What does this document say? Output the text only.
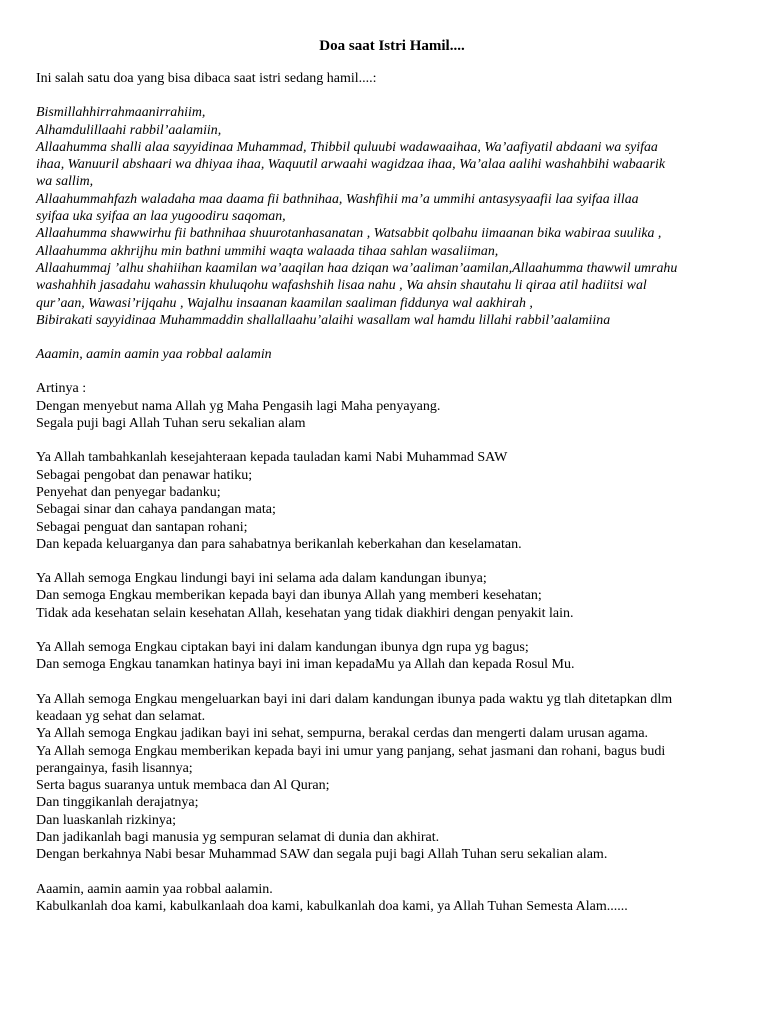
Doa saat Istri Hamil....
Ini salah satu doa yang bisa dibaca saat istri sedang hamil....:
Bismillahhirrahmaanirrahiim,
Alhamdulillaahi rabbil’aalamiin,
Allaahumma shalli alaa sayyidinaa Muhammad, Thibbil quluubi wadawaaihaa, Wa’aafiyatil abdaani wa syifaa
ihaa, Wanuuril abshaari wa dhiyaa ihaa, Waquutil arwaahi wagidzaa ihaa, Wa’alaa aalihi washahbihi wabaarik
wa sallim,
Allaahummahfazh waladaha maa daama fii bathnihaa, Washfihii ma’a ummihi antasysyaafii laa syifaa illaa
syifaa uka syifaa an laa yugoodiru saqoman,
Allaahumma shawwirhu fii bathnihaa shuurotanhasanatan , Watsabbit qolbahu iimaanan bika wabiraa suulika ,
Allaahumma akhrijhu min bathni ummihi waqta walaada tihaa sahlan wasaliiman,
Allaahummaj ’alhu shahiihan kaamilan wa’aaqilan haa dziqan wa’aaliman’aamilan,Allaahumma thawwil umrahu
washahhih jasadahu wahassin khuluqohu wafashshih lisaa nahu , Wa ahsin shautahu li qiraa atil hadiitsi wal
qur’aan, Wawasi’rijqahu , Wajalhu insaanan kaamilan saaliman fiddunya wal aakhirah ,
Bibirakati sayyidinaa Muhammaddin shallallaahu’alaihi wasallam wal hamdu lillahi rabbil’aalamiina
Aaamin, aamin aamin yaa robbal aalamin
Artinya :
Dengan menyebut nama Allah yg Maha Pengasih lagi Maha penyayang.
Segala puji bagi Allah Tuhan seru sekalian alam
Ya Allah tambahkanlah kesejahteraan kepada tauladan kami Nabi Muhammad SAW
Sebagai pengobat dan penawar hatiku;
Penyehat dan penyegar badanku;
Sebagai sinar dan cahaya pandangan mata;
Sebagai penguat dan santapan rohani;
Dan kepada keluarganya dan para sahabatnya berikanlah keberkahan dan keselamatan.
Ya Allah semoga Engkau lindungi bayi ini selama ada dalam kandungan ibunya;
Dan semoga Engkau memberikan kepada bayi dan ibunya Allah yang memberi kesehatan;
Tidak ada kesehatan selain kesehatan Allah, kesehatan yang tidak diakhiri dengan penyakit lain.
Ya Allah semoga Engkau ciptakan bayi ini dalam kandungan ibunya dgn rupa yg bagus;
Dan semoga Engkau tanamkan hatinya bayi ini iman kepadaMu ya Allah dan kepada Rosul Mu.
Ya Allah semoga Engkau mengeluarkan bayi ini dari dalam kandungan ibunya pada waktu yg tlah ditetapkan dlm
keadaan yg sehat dan selamat.
Ya Allah semoga Engkau jadikan bayi ini sehat, sempurna, berakal cerdas dan mengerti dalam urusan agama.
Ya Allah semoga Engkau memberikan kepada bayi ini umur yang panjang, sehat jasmani dan rohani, bagus budi
perangainya, fasih lisannya;
Serta bagus suaranya untuk membaca dan Al Quran;
Dan tinggikanlah derajatnya;
Dan luaskanlah rizkinya;
Dan jadikanlah bagi manusia yg sempuran selamat di dunia dan akhirat.
Dengan berkahnya Nabi besar Muhammad SAW dan segala puji bagi Allah Tuhan seru sekalian alam.
Aaamin, aamin aamin yaa robbal aalamin.
Kabulkanlah doa kami, kabulkanlaah doa kami, kabulkanlah doa kami, ya Allah Tuhan Semesta Alam......
